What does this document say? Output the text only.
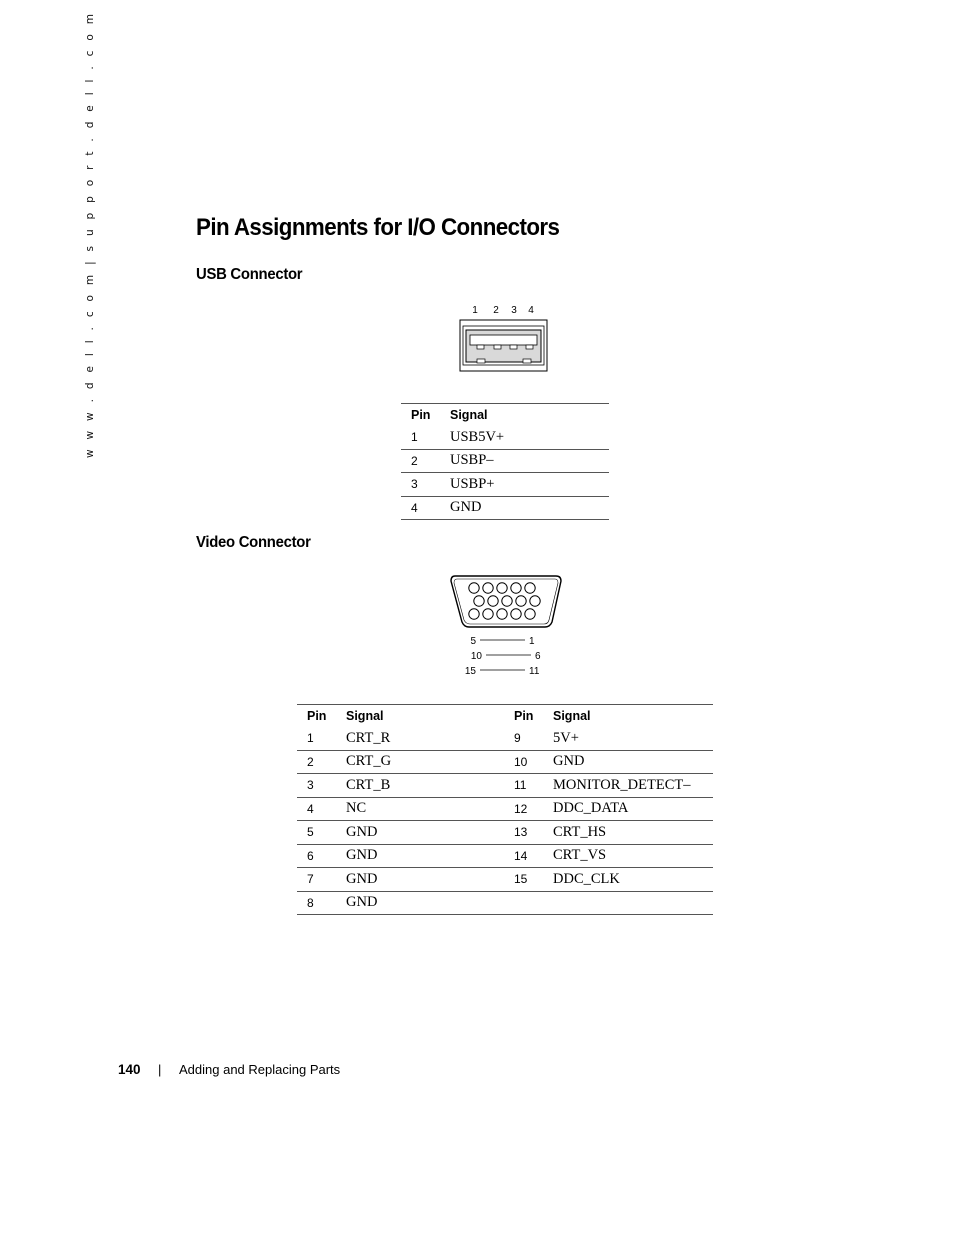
w w w . d e l l . c o m | s u p p o r t . d e l l . c o m	Pin Assignments for I/O Connectors
USB Connector
1 2 3 4
Pin	Signal
1	USB5V+
2	USBP–
3	USBP+
4	GND
Video Connector
5	1
10	6
15	11
Pin	Signal	Pin	Signal
1	CRT_R	9	5V+
2	CRT_G	10	GND
3	CRT_B	11	MONITOR_DETECT–
4	NC	12	DDC_DATA
5	GND	13	CRT_HS
6	GND	14	CRT_VS
7	GND	15	DDC_CLK
8	GND		
140 | Adding and Replacing Parts
